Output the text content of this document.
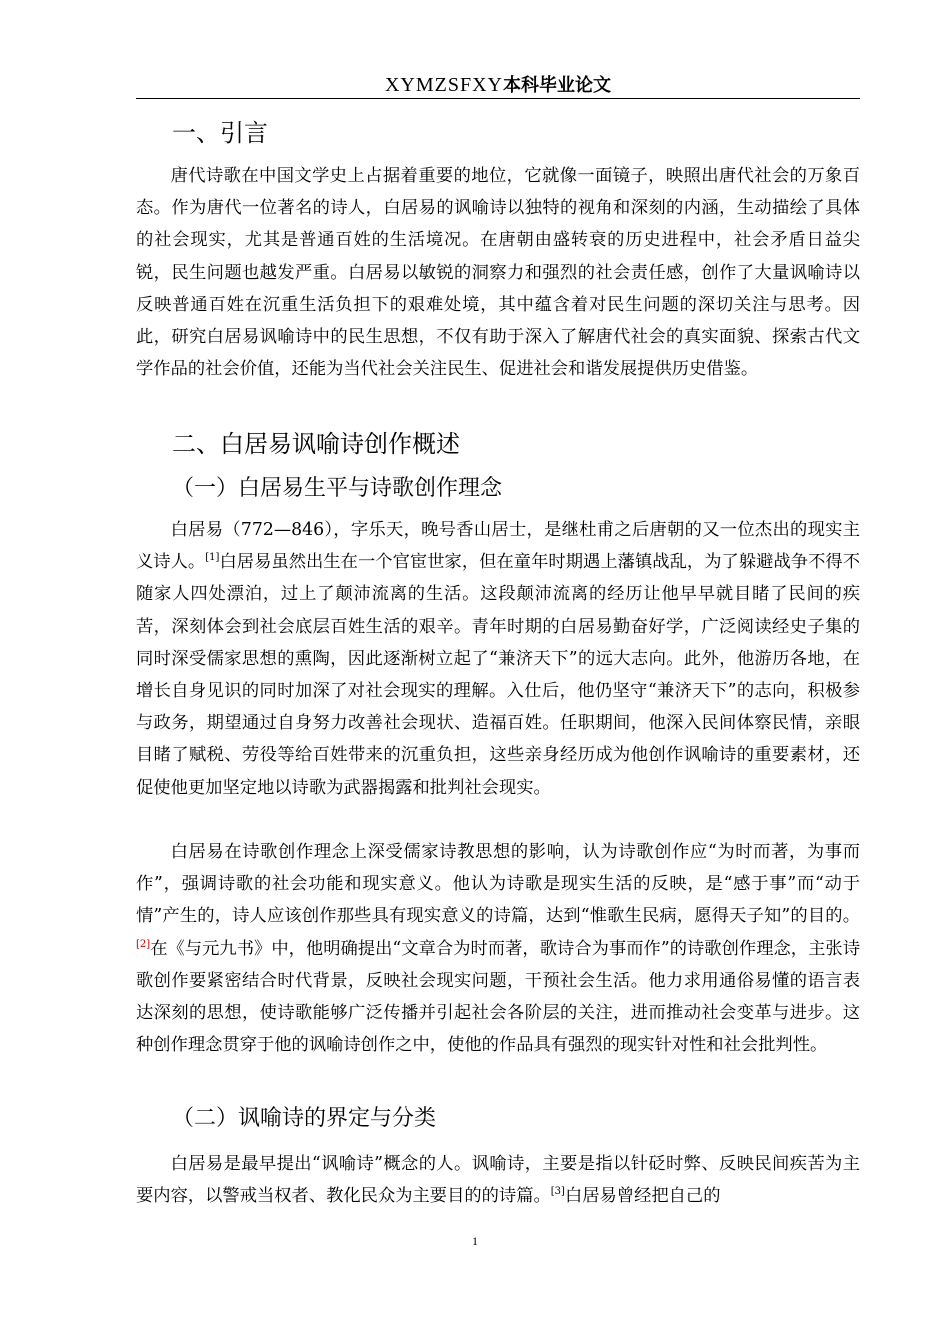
XYMZSFXY本科毕业论文
一、引言

唐代诗歌在中国文学史上占据着重要的地位，它就像一面镜子，映照出唐代社会的万象百态。作为唐代一位著名的诗人，白居易的讽喻诗以独特的视角和深刻的内涵，生动描绘了具体的社会现实，尤其是普通百姓的生活境况。在唐朝由盛转衰的历史进程中，社会矛盾日益尖锐，民生问题也越发严重。白居易以敏锐的洞察力和强烈的社会责任感，创作了大量讽喻诗以反映普通百姓在沉重生活负担下的艰难处境，其中蕴含着对民生问题的深切关注与思考。因此，研究白居易讽喻诗中的民生思想，不仅有助于深入了解唐代社会的真实面貌、探索古代文学作品的社会价值，还能为当代社会关注民生、促进社会和谐发展提供历史借鉴。

二、白居易讽喻诗创作概述
（一）白居易生平与诗歌创作理念

白居易（772—846），字乐天，晚号香山居士，是继杜甫之后唐朝的又一位杰出的现实主义诗人。[1]白居易虽然出生在一个官宦世家，但在童年时期遇上藩镇战乱，为了躲避战争不得不随家人四处漂泊，过上了颠沛流离的生活。这段颠沛流离的经历让他早早就目睹了民间的疾苦，深刻体会到社会底层百姓生活的艰辛。青年时期的白居易勤奋好学，广泛阅读经史子集的同时深受儒家思想的熏陶，因此逐渐树立起了“兼济天下”的远大志向。此外，他游历各地，在增长自身见识的同时加深了对社会现实的理解。入仕后，他仍坚守“兼济天下”的志向，积极参与政务，期望通过自身努力改善社会现状、造福百姓。任职期间，他深入民间体察民情，亲眼目睹了赋税、劳役等给百姓带来的沉重负担，这些亲身经历成为他创作讽喻诗的重要素材，还促使他更加坚定地以诗歌为武器揭露和批判社会现实。

白居易在诗歌创作理念上深受儒家诗教思想的影响，认为诗歌创作应“为时而著，为事而作”，强调诗歌的社会功能和现实意义。他认为诗歌是现实生活的反映，是“感于事”而“动于情”产生的，诗人应该创作那些具有现实意义的诗篇，达到“惟歌生民病，愿得天子知”的目的。[2]在《与元九书》中，他明确提出“文章合为时而著，歌诗合为事而作”的诗歌创作理念，主张诗歌创作要紧密结合时代背景，反映社会现实问题，干预社会生活。他力求用通俗易懂的语言表达深刻的思想，使诗歌能够广泛传播并引起社会各阶层的关注，进而推动社会变革与进步。这种创作理念贯穿于他的讽喻诗创作之中，使他的作品具有强烈的现实针对性和社会批判性。

（二）讽喻诗的界定与分类

白居易是最早提出“讽喻诗”概念的人。讽喻诗，主要是指以针砭时弊、反映民间疾苦为主要内容，以警戒当权者、教化民众为主要目的的诗篇。[3]白居易曾经把自己的

1
